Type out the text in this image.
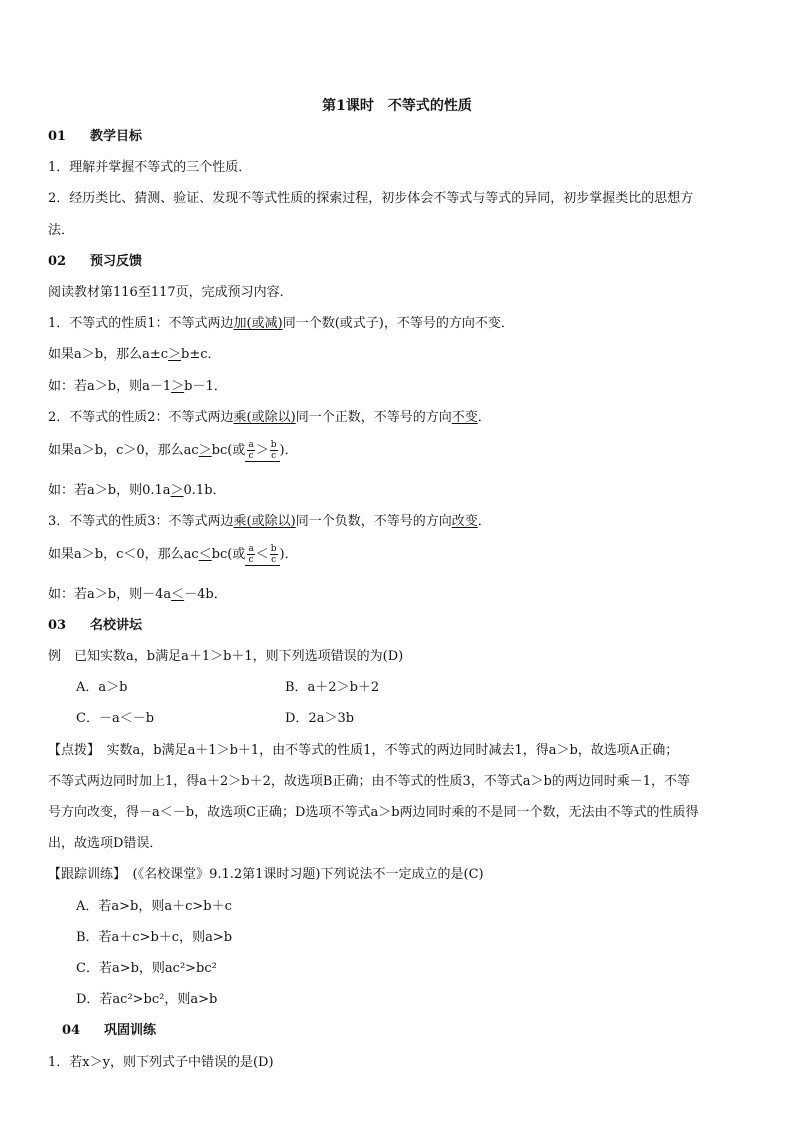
第1课时　不等式的性质
01 教学目标
1．理解并掌握不等式的三个性质．
2．经历类比、猜测、验证、发现不等式性质的探索过程，初步体会不等式与等式的异同，初步掌握类比的思想方
法．
02 预习反馈
阅读教材第116至117页，完成预习内容．
1．不等式的性质1：不等式两边加(或减)同一个数(或式子)，不等号的方向不变．
如果a＞b，那么a±c＞b±c．
如：若a＞b，则a－1＞b－1．
2．不等式的性质2：不等式两边乘(或除以)同一个正数，不等号的方向不变．
如果a＞b，c＞0，那么ac＞bc(或 $\frac{a}{c} > \frac{b}{c}$ )．
如：若a＞b，则0.1a＞0.1b．
3．不等式的性质3：不等式两边乘(或除以)同一个负数，不等号的方向改变．
如果a＞b，c＜0，那么ac＜bc(或 $\frac{a}{c} < \frac{b}{c}$ )．
如：若a＞b，则－4a＜－4b．
03 名校讲坛
例　已知实数a，b满足a＋1＞b＋1，则下列选项错误的为(D)
A．a＞b	B．a＋2＞b＋2
C．－a＜－b	D．2a＞3b
【点拨】　实数a，b满足a＋1＞b＋1，由不等式的性质1，不等式的两边同时减去1，得a＞b，故选项A正确；
不等式两边同时加上1，得a＋2＞b＋2，故选项B正确；由不等式的性质3，不等式a＞b的两边同时乘－1，不等
号方向改变，得－a＜－b，故选项C正确；D选项不等式a＞b两边同时乘的不是同一个数，无法由不等式的性质得
出，故选项D错误．
【跟踪训练】　(《名校课堂》9.1.2第1课时习题)下列说法不一定成立的是(C)
A．若a>b，则a＋c>b＋c
B．若a＋c>b＋c，则a>b
C．若a>b，则ac²>bc²
D．若ac²>bc²，则a>b
04 巩固训练
1．若x＞y，则下列式子中错误的是(D)
